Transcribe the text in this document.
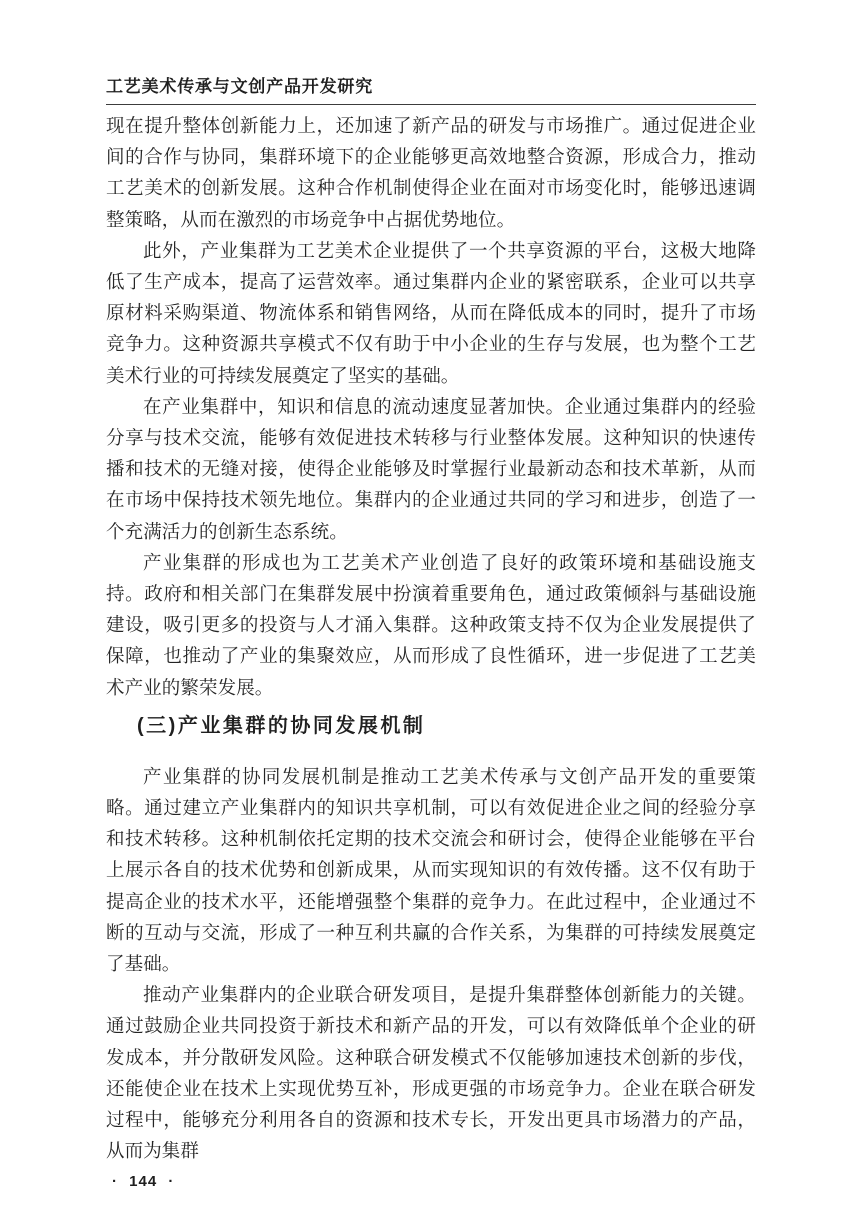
工艺美术传承与文创产品开发研究

现在提升整体创新能力上，还加速了新产品的研发与市场推广。通过促进企业间的合作与协同，集群环境下的企业能够更高效地整合资源，形成合力，推动工艺美术的创新发展。这种合作机制使得企业在面对市场变化时，能够迅速调整策略，从而在激烈的市场竞争中占据优势地位。

此外，产业集群为工艺美术企业提供了一个共享资源的平台，这极大地降低了生产成本，提高了运营效率。通过集群内企业的紧密联系，企业可以共享原材料采购渠道、物流体系和销售网络，从而在降低成本的同时，提升了市场竞争力。这种资源共享模式不仅有助于中小企业的生存与发展，也为整个工艺美术行业的可持续发展奠定了坚实的基础。

在产业集群中，知识和信息的流动速度显著加快。企业通过集群内的经验分享与技术交流，能够有效促进技术转移与行业整体发展。这种知识的快速传播和技术的无缝对接，使得企业能够及时掌握行业最新动态和技术革新，从而在市场中保持技术领先地位。集群内的企业通过共同的学习和进步，创造了一个充满活力的创新生态系统。

产业集群的形成也为工艺美术产业创造了良好的政策环境和基础设施支持。政府和相关部门在集群发展中扮演着重要角色，通过政策倾斜与基础设施建设，吸引更多的投资与人才涌入集群。这种政策支持不仅为企业发展提供了保障，也推动了产业的集聚效应，从而形成了良性循环，进一步促进了工艺美术产业的繁荣发展。

(三)产业集群的协同发展机制

产业集群的协同发展机制是推动工艺美术传承与文创产品开发的重要策略。通过建立产业集群内的知识共享机制，可以有效促进企业之间的经验分享和技术转移。这种机制依托定期的技术交流会和研讨会，使得企业能够在平台上展示各自的技术优势和创新成果，从而实现知识的有效传播。这不仅有助于提高企业的技术水平，还能增强整个集群的竞争力。在此过程中，企业通过不断的互动与交流，形成了一种互利共赢的合作关系，为集群的可持续发展奠定了基础。

推动产业集群内的企业联合研发项目，是提升集群整体创新能力的关键。通过鼓励企业共同投资于新技术和新产品的开发，可以有效降低单个企业的研发成本，并分散研发风险。这种联合研发模式不仅能够加速技术创新的步伐，还能使企业在技术上实现优势互补，形成更强的市场竞争力。企业在联合研发过程中，能够充分利用各自的资源和技术专长，开发出更具市场潜力的产品，从而为集群

· 144 ·
